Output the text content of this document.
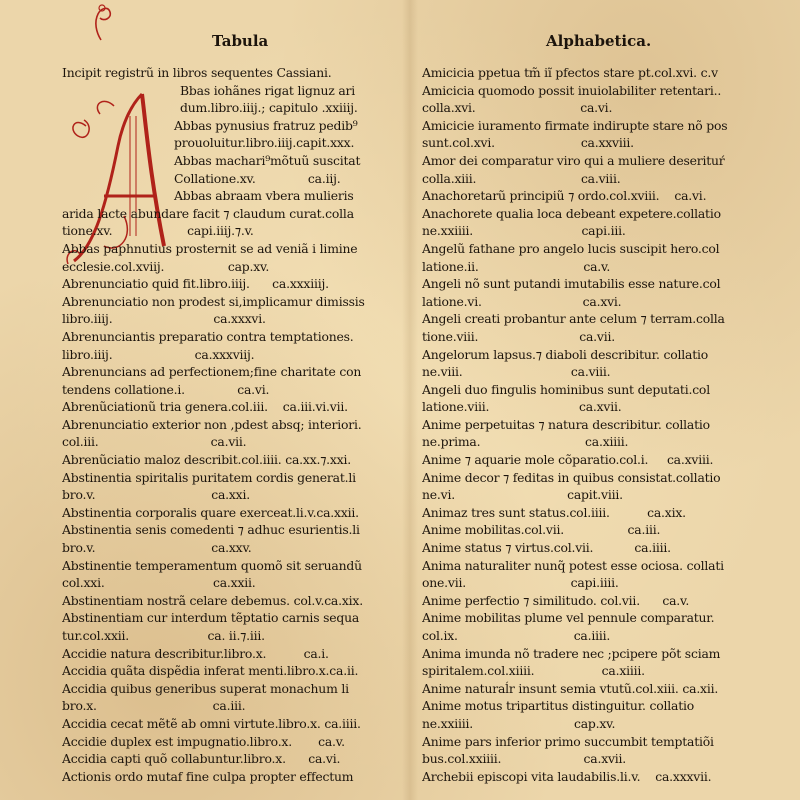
Tabula	Alphabetica.
Incipit registrũ in libros sequentes Cassiani.
Bbas iohãnes rigat lignuz ari
dum.libro.iiij.; capitulo .xxiiij.
Abbas pynusius fratruz pedib⁹
prouoluitur.libro.iiij.capit.xxx.
Abbas machari⁹mõtuũ suscitat
Collatione.xv.              ca.iij.
Abbas abraam vbera mulieris
arida lacte abundare facit ⁊ claudum curat.colla
tione.xv.                    capi.iiij.⁊.v.
Abbas paphnutius prosternit se ad veniã i limine
ecclesie.col.xviij.                 cap.xv.
Abrenunciatio quid fit.libro.iiij.      ca.xxxiiij.
Abrenunciatio non prodest si,implicamur dimissis
libro.iiij.                           ca.xxxvi.
Abrenunciantis preparatio contra temptationes.
libro.iiij.                      ca.xxxviij.
Abrenuncians ad perfectionem;fine charitate con
tendens collatione.i.              ca.vi.
Abrenũciationũ tria genera.col.iii.    ca.iii.vi.vii.
Abrenunciatio exterior non ,pdest absq; interiori.
col.iii.                              ca.vii.
Abrenũciatio maloz describit.col.iiii. ca.xx.⁊.xxi.
Abstinentia spiritalis puritatem cordis generat.li
bro.v.                               ca.xxi.
Abstinentia corporalis quare exerceat.li.v.ca.xxii.
Abstinentia senis comedenti ⁊ adhuc esurientis.li
bro.v.                               ca.xxv.
Abstinentie temperamentum quomõ sit seruandũ
col.xxi.                             ca.xxii.
Abstinentiam nostrã celare debemus. col.v.ca.xix.
Abstinentiam cur interdum tẽptatio carnis sequa
tur.col.xxii.                     ca. ii.⁊.iii.
Accidie natura describitur.libro.x.          ca.i.
Accidia quãta dispẽdia inferat menti.libro.x.ca.ii.
Accidia quibus generibus superat monachum li
bro.x.                               ca.iii.
Accidia cecat mẽtẽ ab omni virtute.libro.x. ca.iiii.
Accidie duplex est impugnatio.libro.x.       ca.v.
Accidia capti quõ collabuntur.libro.x.      ca.vi.
Actionis ordo mutaf fine culpa propter effectum
Amicicia ppetua tm̃ iĩ pfectos stare pt.col.xvi. c.v
Amicicia quomodo possit inuiolabiliter retentari..
colla.xvi.                            ca.vi.
Amicicie iuramento firmate indirupte stare nõ pos
sunt.col.xvi.                       ca.xxviii.
Amor dei comparatur viro qui a muliere deserituŕ
colla.xiii.                            ca.viii.
Anachoretarũ principiũ ⁊ ordo.col.xviii.    ca.vi.
Anachorete qualia loca debeant expetere.collatio
ne.xxiiii.                             capi.iii.
Angelũ fathane pro angelo lucis suscipit hero.col
latione.ii.                            ca.v.
Angeli nõ sunt putandi imutabilis esse nature.col
latione.vi.                           ca.xvi.
Angeli creati probantur ante celum ⁊ terram.colla
tione.viii.                           ca.vii.
Angelorum lapsus.⁊ diaboli describitur. collatio
ne.viii.                             ca.viii.
Angeli duo fingulis hominibus sunt deputati.col
latione.viii.                        ca.xvii.
Anime perpetuitas ⁊ natura describitur. collatio
ne.prima.                            ca.xiiii.
Anime ⁊ aquarie mole cõparatio.col.i.     ca.xviii.
Anime decor ⁊ feditas in quibus consistat.collatio
ne.vi.                              capit.viii.
Animaz tres sunt status.col.iiii.          ca.xix.
Anime mobilitas.col.vii.                 ca.iii.
Anime status ⁊ virtus.col.vii.           ca.iiii.
Anima naturaliter nunq̃ potest esse ociosa. collati
one.vii.                            capi.iiii.
Anime perfectio ⁊ similitudo. col.vii.      ca.v.
Anime mobilitas plume vel pennule comparatur.
col.ix.                               ca.iiii.
Anima imunda nõ tradere nec ;pcipere põt sciam
spiritalem.col.xiiii.                  ca.xiiii.
Anime naturaĺr insunt semia vtutũ.col.xiii. ca.xii.
Anime motus tripartitus distinguitur. collatio
ne.xxiiii.                           cap.xv.
Anime pars inferior primo succumbit temptatiõi
bus.col.xxiiii.                      ca.xvii.
Archebii episcopi vita laudabilis.li.v.    ca.xxxvii.
